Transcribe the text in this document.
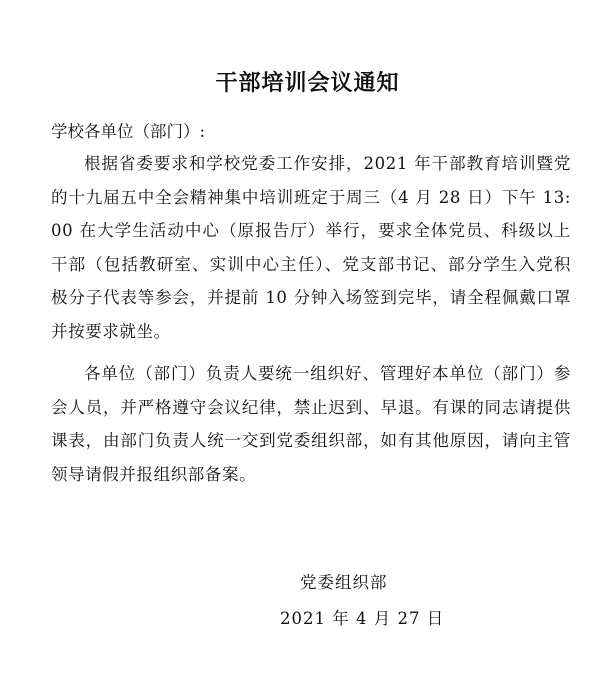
干部培训会议通知
学校各单位（部门）:
根据省委要求和学校党委工作安排，2021 年干部教育培训暨党的十九届五中全会精神集中培训班定于周三（4 月 28 日）下午 13: 00 在大学生活动中心（原报告厅）举行，要求全体党员、科级以上干部（包括教研室、实训中心主任）、党支部书记、部分学生入党积极分子代表等参会，并提前 10 分钟入场签到完毕，请全程佩戴口罩并按要求就坐。
各单位（部门）负责人要统一组织好、管理好本单位（部门）参会人员，并严格遵守会议纪律，禁止迟到、早退。有课的同志请提供课表，由部门负责人统一交到党委组织部，如有其他原因，请向主管领导请假并报组织部备案。
党委组织部
2021 年 4 月 27 日
